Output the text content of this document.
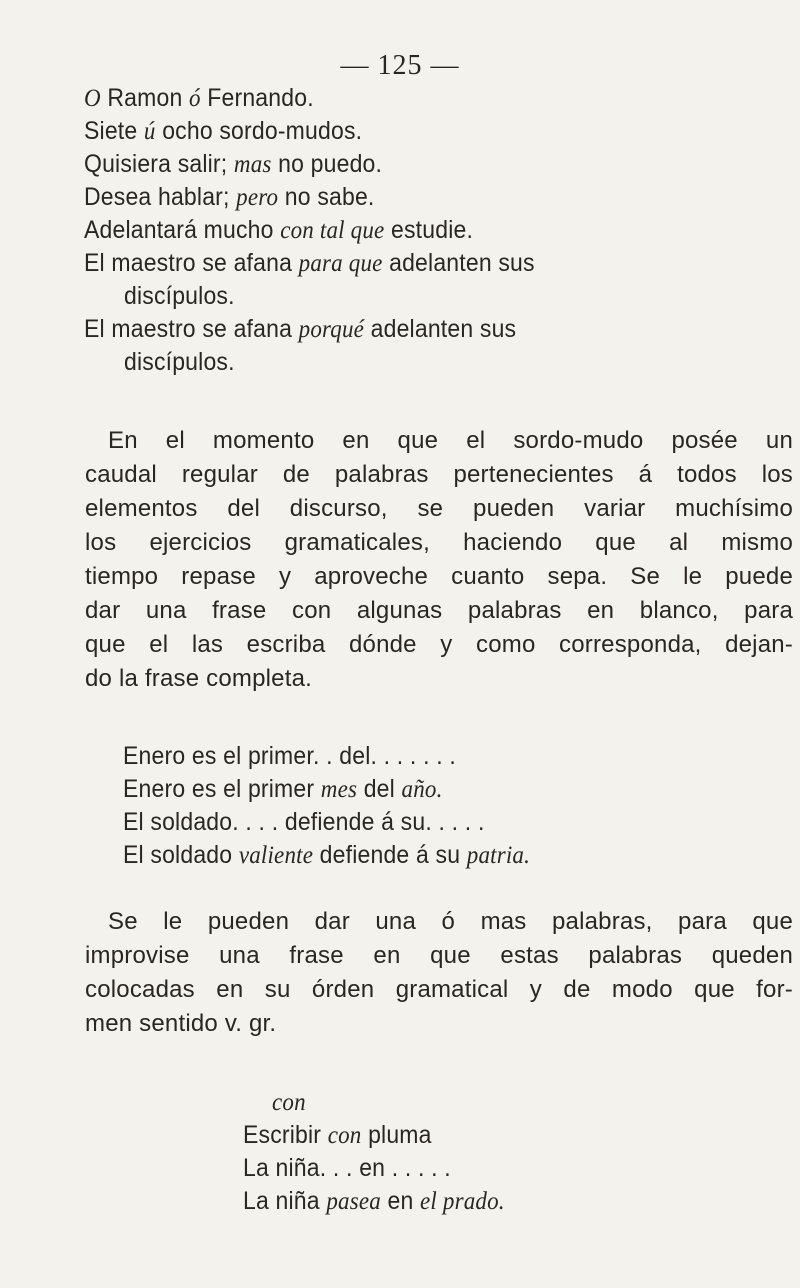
— 125 —
O Ramon ó Fernando.
Siete ú ocho sordo-mudos.
Quisiera salir; mas no puedo.
Desea hablar; pero no sabe.
Adelantará mucho con tal que estudie.
El maestro se afana para que adelanten sus
discípulos.
El maestro se afana porqué adelanten sus
discípulos.
En el momento en que el sordo-mudo posée un
caudal regular de palabras pertenecientes á todos los
elementos del discurso, se pueden variar muchísimo
los ejercicios gramaticales, haciendo que al mismo
tiempo repase y aproveche cuanto sepa. Se le puede
dar una frase con algunas palabras en blanco, para
que el las escriba dónde y como corresponda, dejan-
do la frase completa.
Enero es el primer. . del. . . . . . .
Enero es el primer mes del año.
El soldado. . . . defiende á su. . . . .
El soldado valiente defiende á su patria.
Se le pueden dar una ó mas palabras, para que
improvise una frase en que estas palabras queden
colocadas en su órden gramatical y de modo que for-
men sentido v. gr.
con
Escribir con pluma
La niña. . . en . . . . .
La niña pasea en el prado.
